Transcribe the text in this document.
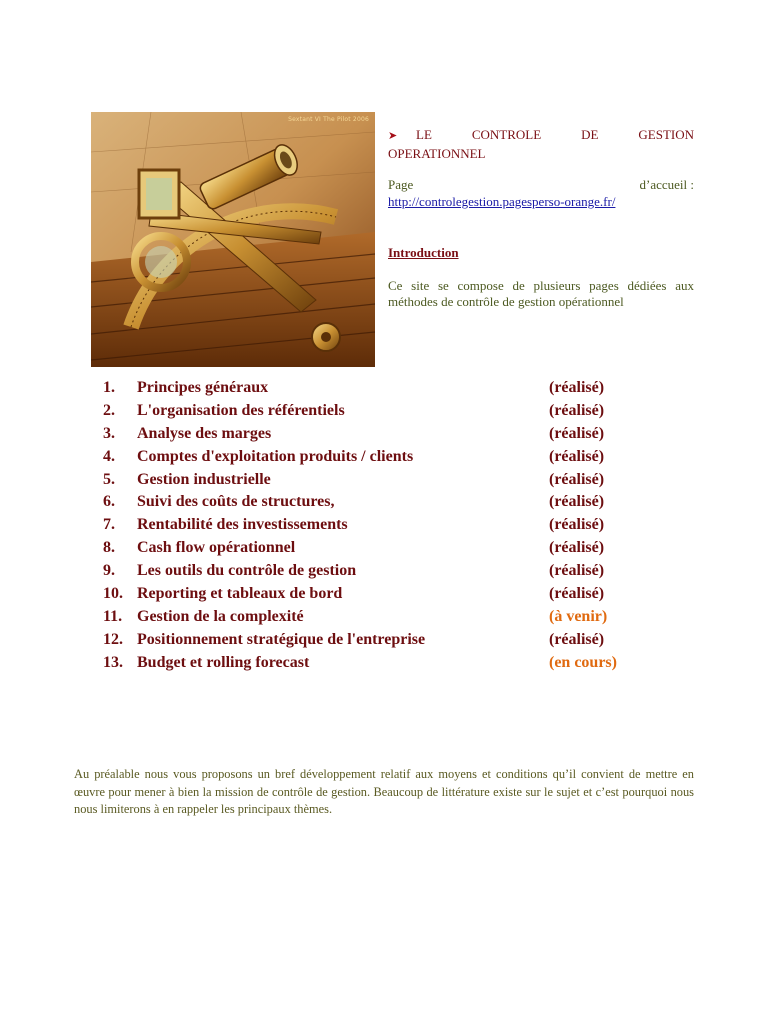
Sextant VI The Pilot 2006
➤ LE	CONTROLE	DE	GESTION
OPERATIONNEL
Page	d’accueil :
http://controlegestion.pagesperso-orange.fr/
Introduction
Ce site se compose de plusieurs pages dédiées aux méthodes de contrôle de gestion opérationnel
1. Principes généraux	(réalisé)
2. L'organisation des référentiels	(réalisé)
3. Analyse des marges	(réalisé)
4. Comptes d'exploitation produits / clients	(réalisé)
5. Gestion industrielle	(réalisé)
6. Suivi des coûts de structures,	(réalisé)
7. Rentabilité des investissements	(réalisé)
8. Cash flow opérationnel	(réalisé)
9. Les outils du contrôle de gestion	(réalisé)
10. Reporting et tableaux de bord	(réalisé)
11. Gestion de la complexité	(à venir)
12. Positionnement stratégique de l'entreprise	(réalisé)
13. Budget et rolling forecast	(en cours)
Au préalable nous vous proposons un bref développement relatif aux moyens et conditions qu’il convient de mettre en œuvre pour mener à bien la mission de contrôle de gestion. Beaucoup de littérature existe sur le sujet et c’est pourquoi nous nous limiterons à en rappeler les principaux thèmes.
